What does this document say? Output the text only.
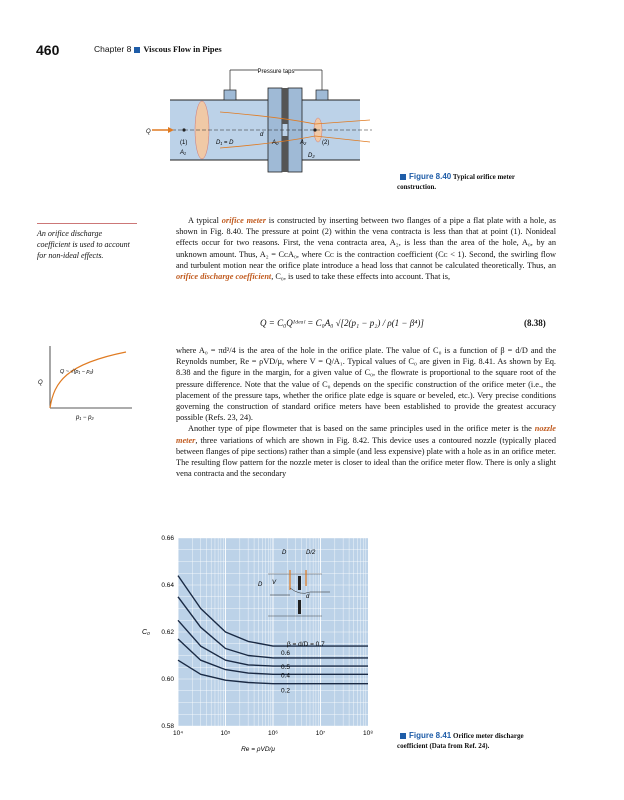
460	Chapter 8 Viscous Flow in Pipes
Pressure taps
Q
(1)	(2)
D₁ = D
A₁
A₀	A₂
D₂
d
Figure 8.40 Typical orifice meter construction.
An orifice discharge coefficient is used to account for non-ideal effects.

A typical orifice meter is constructed by inserting between two flanges of a pipe a flat plate with a hole, as shown in Fig. 8.40. The pressure at point (2) within the vena contracta is less than that at point (1). Nonideal effects occur for two reasons. First, the vena contracta area, A₂, is less than the area of the hole, A₀, by an unknown amount. Thus, A₂ = CᴄA₀, where Cᴄ is the contraction coefficient (Cᴄ < 1). Second, the swirling flow and turbulent motion near the orifice plate introduce a head loss that cannot be calculated theoretically. Thus, an orifice discharge coefficient, C₀, is used to take these effects into account. That is,

Q = C₀Qᴵᵈᵉᵃˡ = C₀A₀ √[2(p₁ − p₂) / ρ(1 − β⁴)]	(8.38)
Q
p₁ − p₂
Q ~ √(p₁ − p₂)

where A₀ = πd²/4 is the area of the hole in the orifice plate. The value of C₀ is a function of β = d/D and the Reynolds number, Re = ρVD/μ, where V = Q/A₁. Typical values of C₀ are given in Fig. 8.41. As shown by Eq. 8.38 and the figure in the margin, for a given value of C₀, the flowrate is proportional to the square root of the pressure difference. Note that the value of C₀ depends on the specific construction of the orifice meter (i.e., the placement of the pressure taps, whether the orifice plate edge is square or beveled, etc.). Very precise conditions governing the construction of standard orifice meters have been established to provide the greatest accuracy possible (Refs. 23, 24).

Another type of pipe flowmeter that is based on the same principles used in the orifice meter is the nozzle meter, three variations of which are shown in Fig. 8.42. This device uses a contoured nozzle (typically placed between flanges of pipe sections) rather than a simple (and less expensive) plate with a hole as in an orifice meter. The resulting flow pattern for the nozzle meter is closer to ideal than the orifice meter flow. There is only a slight vena contracta and the secondary

0.58
0.60
0.62
0.64
0.66
10⁴	10⁵	10⁶	10⁷	10⁸
0.6
0.5
0.4
0.2
D	D/2
D V
d
β = d/D = 0.7
C₀
Re = ρVD/μ
Figure 8.41 Orifice meter discharge coefficient (Data from Ref. 24).
